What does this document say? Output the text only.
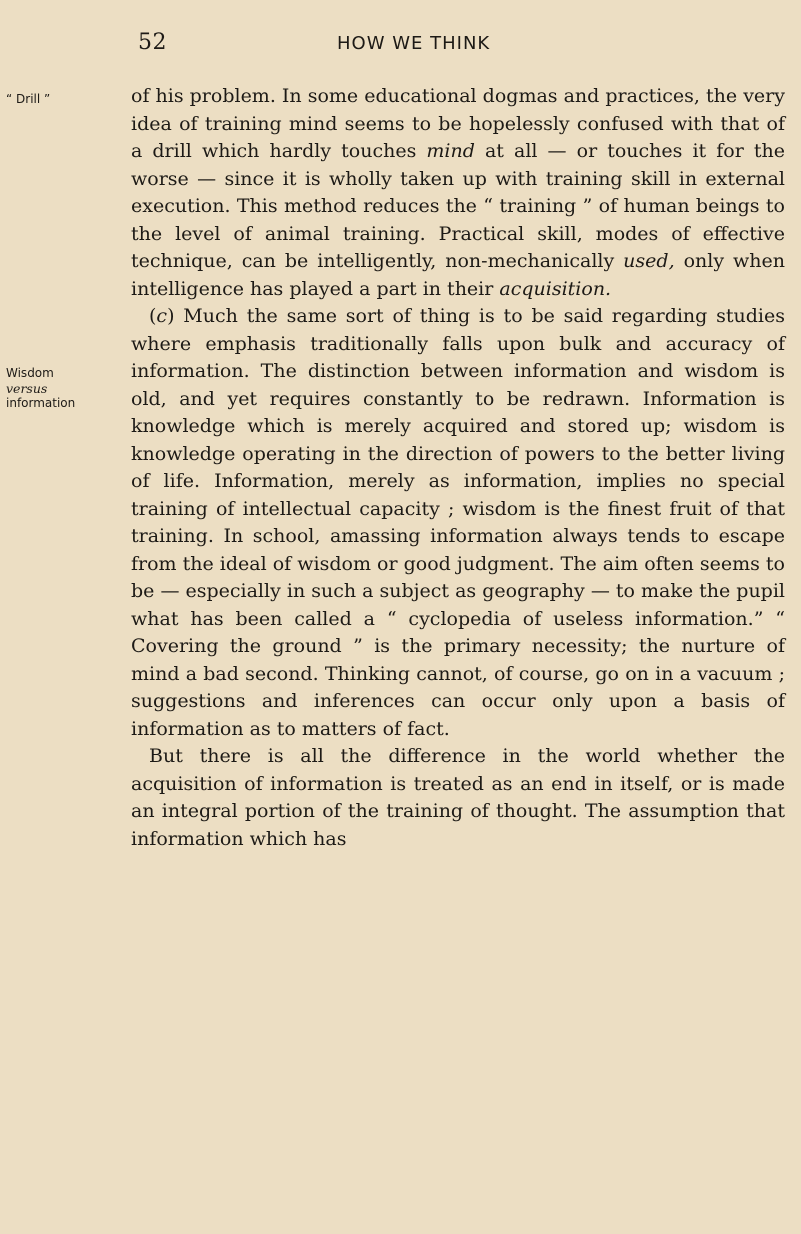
52	HOW WE THINK
“ Drill ”
Wisdom
versus
information

of his problem. In some educational dogmas and practices, the very idea of training mind seems to be hopelessly confused with that of a drill which hardly touches mind at all — or touches it for the worse — since it is wholly taken up with training skill in external execution. This method reduces the “ training ” of human beings to the level of animal training. Practical skill, modes of effective technique, can be intelligently, non-mechanically used, only when intelligence has played a part in their acquisition.

(c) Much the same sort of thing is to be said regarding studies where emphasis traditionally falls upon bulk and accuracy of information. The distinction between information and wisdom is old, and yet requires constantly to be redrawn. Information is knowledge which is merely acquired and stored up; wisdom is knowledge operating in the direction of powers to the better living of life. Information, merely as information, implies no special training of intellectual capacity ; wisdom is the finest fruit of that training. In school, amassing information always tends to escape from the ideal of wisdom or good judgment. The aim often seems to be — especially in such a subject as geography — to make the pupil what has been called a “ cyclopedia of useless information.” “ Covering the ground ” is the primary necessity; the nurture of mind a bad second. Thinking cannot, of course, go on in a vacuum ; suggestions and inferences can occur only upon a basis of information as to matters of fact.

But there is all the difference in the world whether the acquisition of information is treated as an end in itself, or is made an integral portion of the training of thought. The assumption that information which has
